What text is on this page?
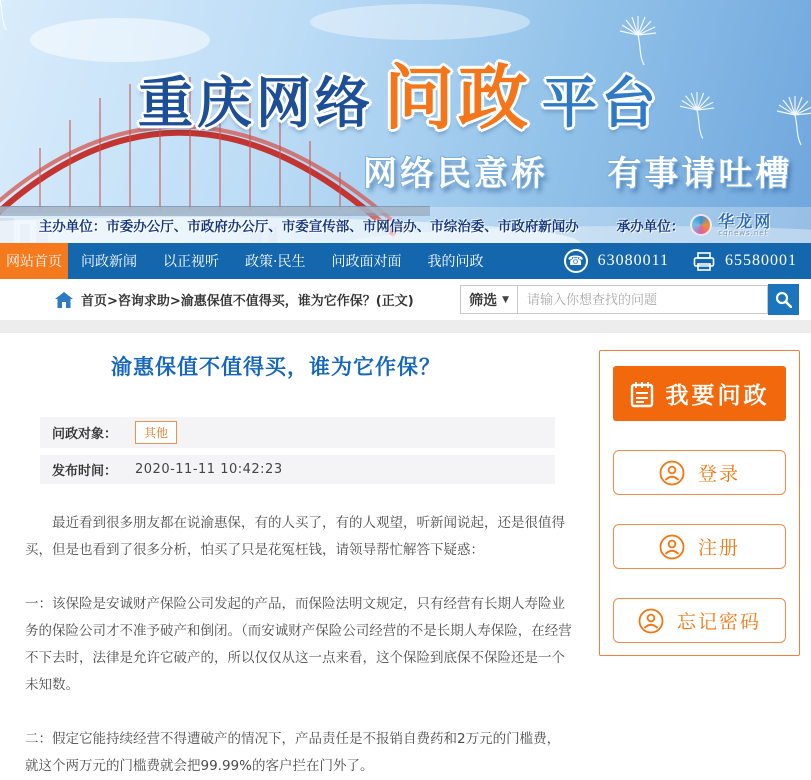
重庆网络 问政 平台
网络民意桥    有事请吐槽
主办单位：市委办公厅、市政府办公厅、市委宣传部、市网信办、市综治委、市政府新闻办	承办单位： 华龙网
cqnews.net
网站首页	问政新闻	以正视听	政策·民生	问政面对面	我的问政	☎ 63080011	65580001
首页>咨询求助>渝惠保值不值得买，谁为它作保？(正文)	筛选 ▼
请输入你想查找的问题
渝惠保值不值得买，谁为它作保？
问政对象：	其他
发布时间： 2020-11-11 10:42:23

最近看到很多朋友都在说渝惠保，有的人买了，有的人观望，听新闻说起，还是很值得买，但是也看到了很多分析，怕买了只是花冤枉钱，请领导帮忙解答下疑惑：

一：该保险是安诚财产保险公司发起的产品，而保险法明文规定，只有经营有长期人寿险业务的保险公司才不准予破产和倒闭。（而安诚财产保险公司经营的不是长期人寿保险，在经营不下去时，法律是允许它破产的，所以仅仅从这一点来看，这个保险到底保不保险还是一个未知数。

二：假定它能持续经营不得遭破产的情况下，产品责任是不报销自费药和2万元的门槛费，就这个两万元的门槛费就会把99.99%的客户拦在门外了。

我要问政
登录
注册
忘记密码
